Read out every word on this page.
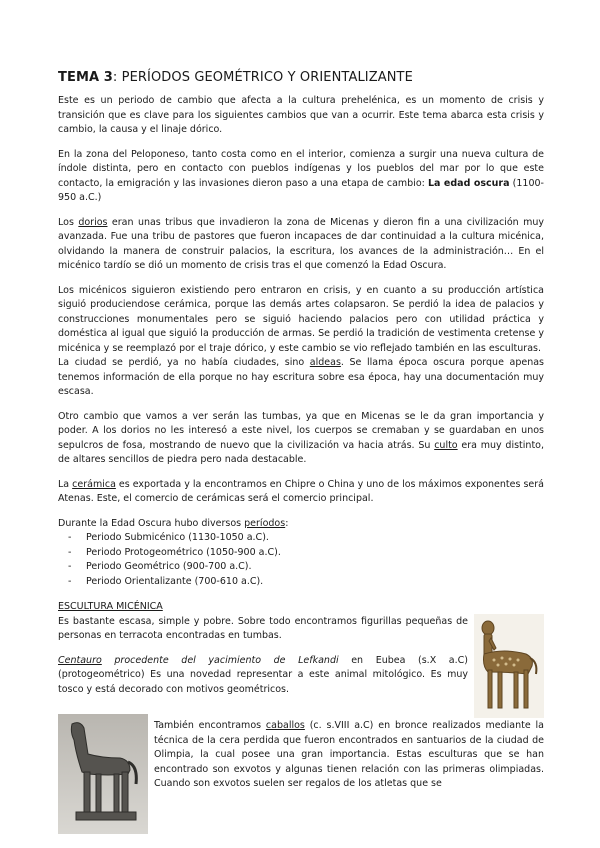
TEMA 3: PERÍODOS GEOMÉTRICO Y ORIENTALIZANTE

Este es un periodo de cambio que afecta a la cultura prehelénica, es un momento de crisis y transición que es clave para los siguientes cambios que van a ocurrir. Este tema abarca esta crisis y cambio, la causa y el linaje dórico.

En la zona del Peloponeso, tanto costa como en el interior, comienza a surgir una nueva cultura de índole distinta, pero en contacto con pueblos indígenas y los pueblos del mar por lo que este contacto, la emigración y las invasiones dieron paso a una etapa de cambio: La edad oscura (1100-950 a.C.)

Los dorios eran unas tribus que invadieron la zona de Micenas y dieron fin a una civilización muy avanzada. Fue una tribu de pastores que fueron incapaces de dar continuidad a la cultura micénica, olvidando la manera de construir palacios, la escritura, los avances de la administración… En el micénico tardío se dió un momento de crisis tras el que comenzó la Edad Oscura.

Los micénicos siguieron existiendo pero entraron en crisis, y en cuanto a su producción artística siguió produciendose cerámica, porque las demás artes colapsaron. Se perdió la idea de palacios y construcciones monumentales pero se siguió haciendo palacios pero con utilidad práctica y doméstica al igual que siguió la producción de armas. Se perdió la tradición de vestimenta cretense y micénica y se reemplazó por el traje dórico, y este cambio se vio reflejado también en las esculturas.

La ciudad se perdió, ya no había ciudades, sino aldeas. Se llama época oscura porque apenas tenemos información de ella porque no hay escritura sobre esa época, hay una documentación muy escasa.

Otro cambio que vamos a ver serán las tumbas, ya que en Micenas se le da gran importancia y poder. A los dorios no les interesó a este nivel, los cuerpos se cremaban y se guardaban en unos sepulcros de fosa, mostrando de nuevo que la civilización va hacia atrás. Su culto era muy distinto, de altares sencillos de piedra pero nada destacable.

La cerámica es exportada y la encontramos en Chipre o China y uno de los máximos exponentes será Atenas. Este, el comercio de cerámicas será el comercio principal.

Durante la Edad Oscura hubo diversos períodos:

- Periodo Submicénico (1130-1050 a.C).
- Periodo Protogeométrico (1050-900 a.C).
- Periodo Geométrico (900-700 a.C).
- Periodo Orientalizante (700-610 a.C).
ESCULTURA MICÉNICA

Es bastante escasa, simple y pobre. Sobre todo encontramos figurillas pequeñas de personas en terracota encontradas en tumbas.

Centauro procedente del yacimiento de Lefkandi en Eubea (s.X a.C) (protogeométrico) Es una novedad representar a este animal mitológico. Es muy tosco y está decorado con motivos geométricos.

También encontramos caballos (c. s.VIII a.C) en bronce realizados mediante la técnica de la cera perdida que fueron encontrados en santuarios de la ciudad de Olimpia, la cual posee una gran importancia. Estas esculturas que se han encontrado son exvotos y algunas tienen relación con las primeras olimpiadas. Cuando son exvotos suelen ser regalos de los atletas que se
